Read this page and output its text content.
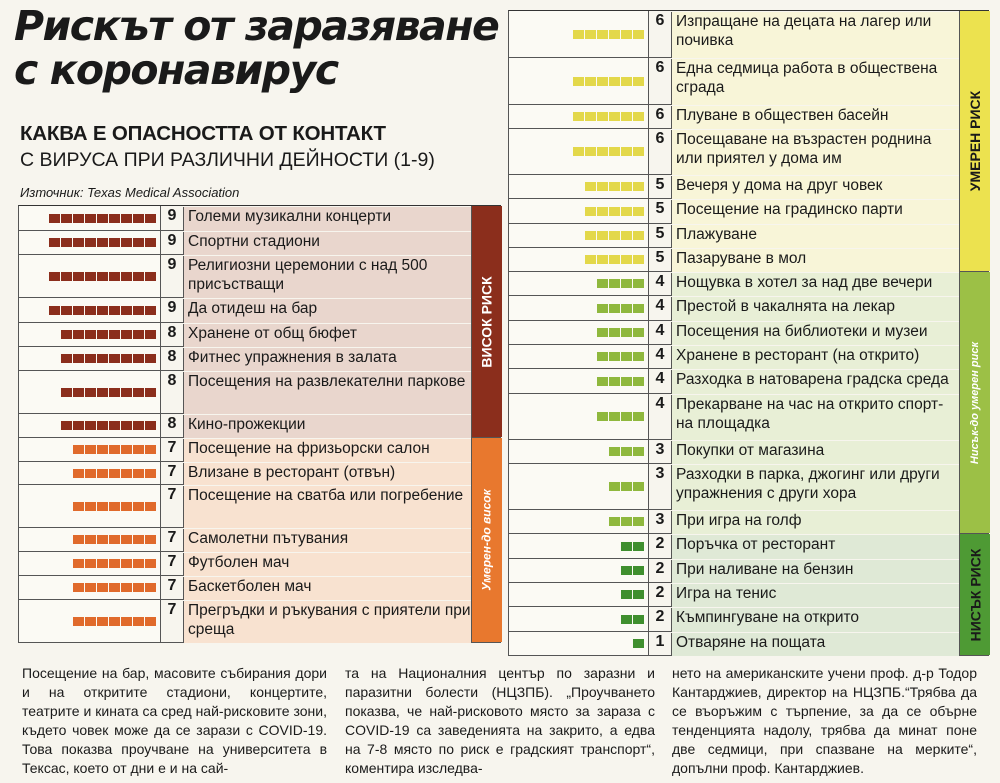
Рискът от заразяване с коронавирус
КАКВА Е ОПАСНОСТТА ОТ КОНТАКТ
С ВИРУСА ПРИ РАЗЛИЧНИ ДЕЙНОСТИ (1-9)
Източник: Texas Medical Association
9 Големи музикални концерти
9 Спортни стадиони
9 Религиозни церемонии с над 500 присъстващи
9 Да отидеш на бар
8 Хранене от общ бюфет
8 Фитнес упражнения в залата
8 Посещения на развлекателни паркове
8 Кино-прожекции
7 Посещение на фризьорски салон
7 Влизане в ресторант (отвън)
7 Посещение на сватба или погребение
7 Самолетни пътувания
7 Футболен мач
7 Баскетболен мач
7 Прегръдки и ръкувания с приятели при среща
ВИСОК РИСК
Умерен-до висок
6 Изпращане на децата на лагер или почивка
6 Една седмица работа в обществена сграда
6 Плуване в обществен басейн
6 Посещаване на възрастен роднина или приятел у дома им
5 Вечеря у дома на друг човек
5 Посещение на градинско парти
5 Плажуване
5 Пазаруване в мол
4 Нощувка в хотел за над две вечери
4 Престой в чакалнята на лекар
4 Посещения на библиотеки и музеи
4 Хранене в ресторант (на открито)
4 Разходка в натоварена градска среда
4 Прекарване на час на открито спорт-на площадка
3 Покупки от магазина
3 Разходки в парка, джогинг или други упражнения с други хора
3 При игра на голф
2 Поръчка от ресторант
2 При наливане на бензин
2 Игра на тенис
2 Къмпингуване на открито
1 Отваряне на пощата
УМЕРЕН РИСК
Нисък-до умерен риск
НИСЪК РИСК
Посещение на бар, масовите събирания дори и на откритите стадиони, концертите, театрите и кината са сред най-рисковите зони, където човек може да се зарази с COVID-19. Това показва проучване на университета в Тексас, което от дни е и на сай-
та на Националния център по заразни и паразитни болести (НЦЗПБ). „Проучването показва, че най-рисковото място за зараза с COVID-19 са заведенията на закрито, а едва на 7-8 място по риск е градският транспорт“, коментира изследва-
нето на американските учени проф. д-р Тодор Кантарджиев, директор на НЦЗПБ.“Трябва да се въоръжим с търпение, за да се обърне тенденцията надолу, трябва да минат поне две седмици, при спазване на мерките“, допълни проф. Кантарджиев.
